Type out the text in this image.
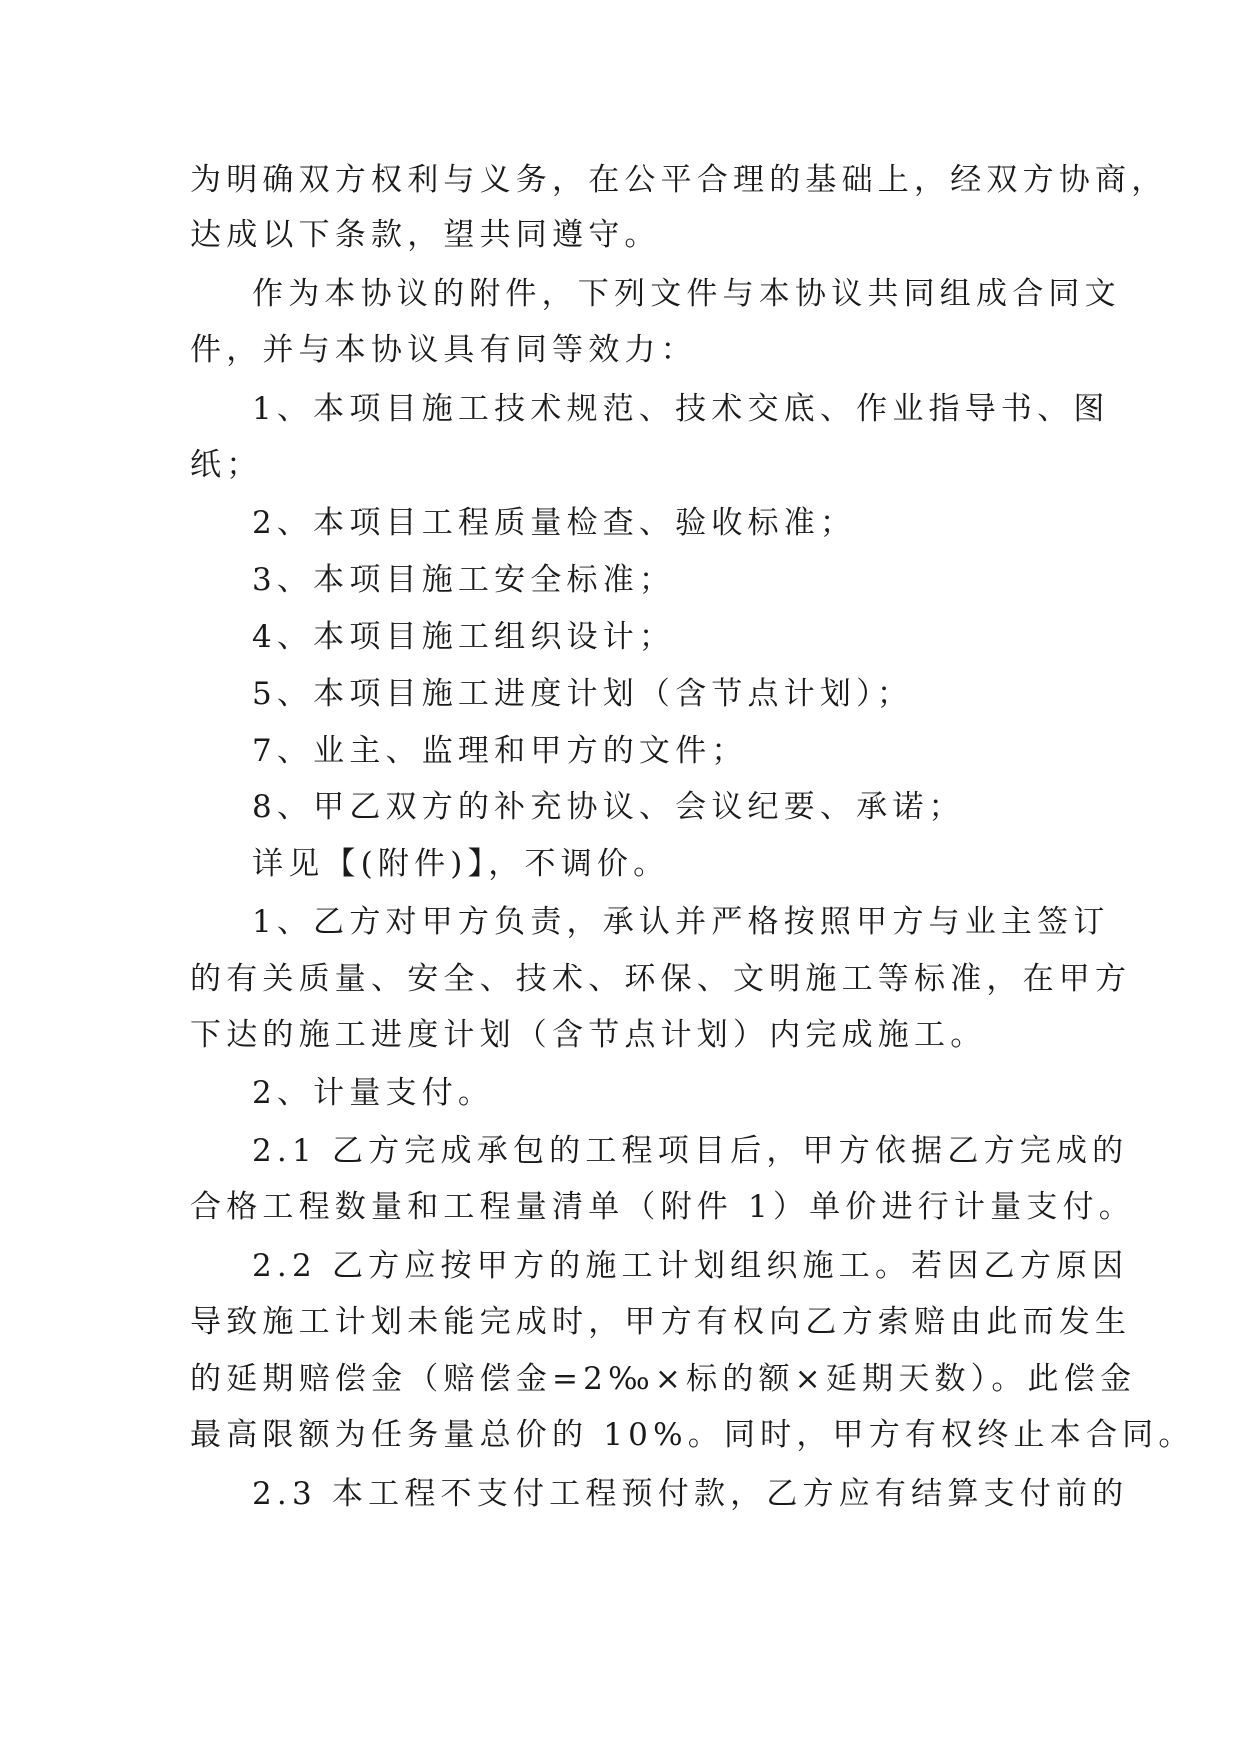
为明确双方权利与义务，在公平合理的基础上，经双方协商，
达成以下条款，望共同遵守。
作为本协议的附件，下列文件与本协议共同组成合同文
件，并与本协议具有同等效力：
1、本项目施工技术规范、技术交底、作业指导书、图
纸；
2、本项目工程质量检查、验收标准；
3、本项目施工安全标准；
4、本项目施工组织设计；
5、本项目施工进度计划（含节点计划）；
7、业主、监理和甲方的文件；
8、甲乙双方的补充协议、会议纪要、承诺；
详见【(附件)】，不调价。
1、乙方对甲方负责，承认并严格按照甲方与业主签订
的有关质量、安全、技术、环保、文明施工等标准，在甲方
下达的施工进度计划（含节点计划）内完成施工。
2、计量支付。
2.1 乙方完成承包的工程项目后，甲方依据乙方完成的
合格工程数量和工程量清单（附件 1）单价进行计量支付。
2.2 乙方应按甲方的施工计划组织施工。若因乙方原因
导致施工计划未能完成时，甲方有权向乙方索赔由此而发生
的延期赔偿金（赔偿金=2‰×标的额×延期天数）。此偿金
最高限额为任务量总价的 10%。同时，甲方有权终止本合同。
2.3 本工程不支付工程预付款，乙方应有结算支付前的
